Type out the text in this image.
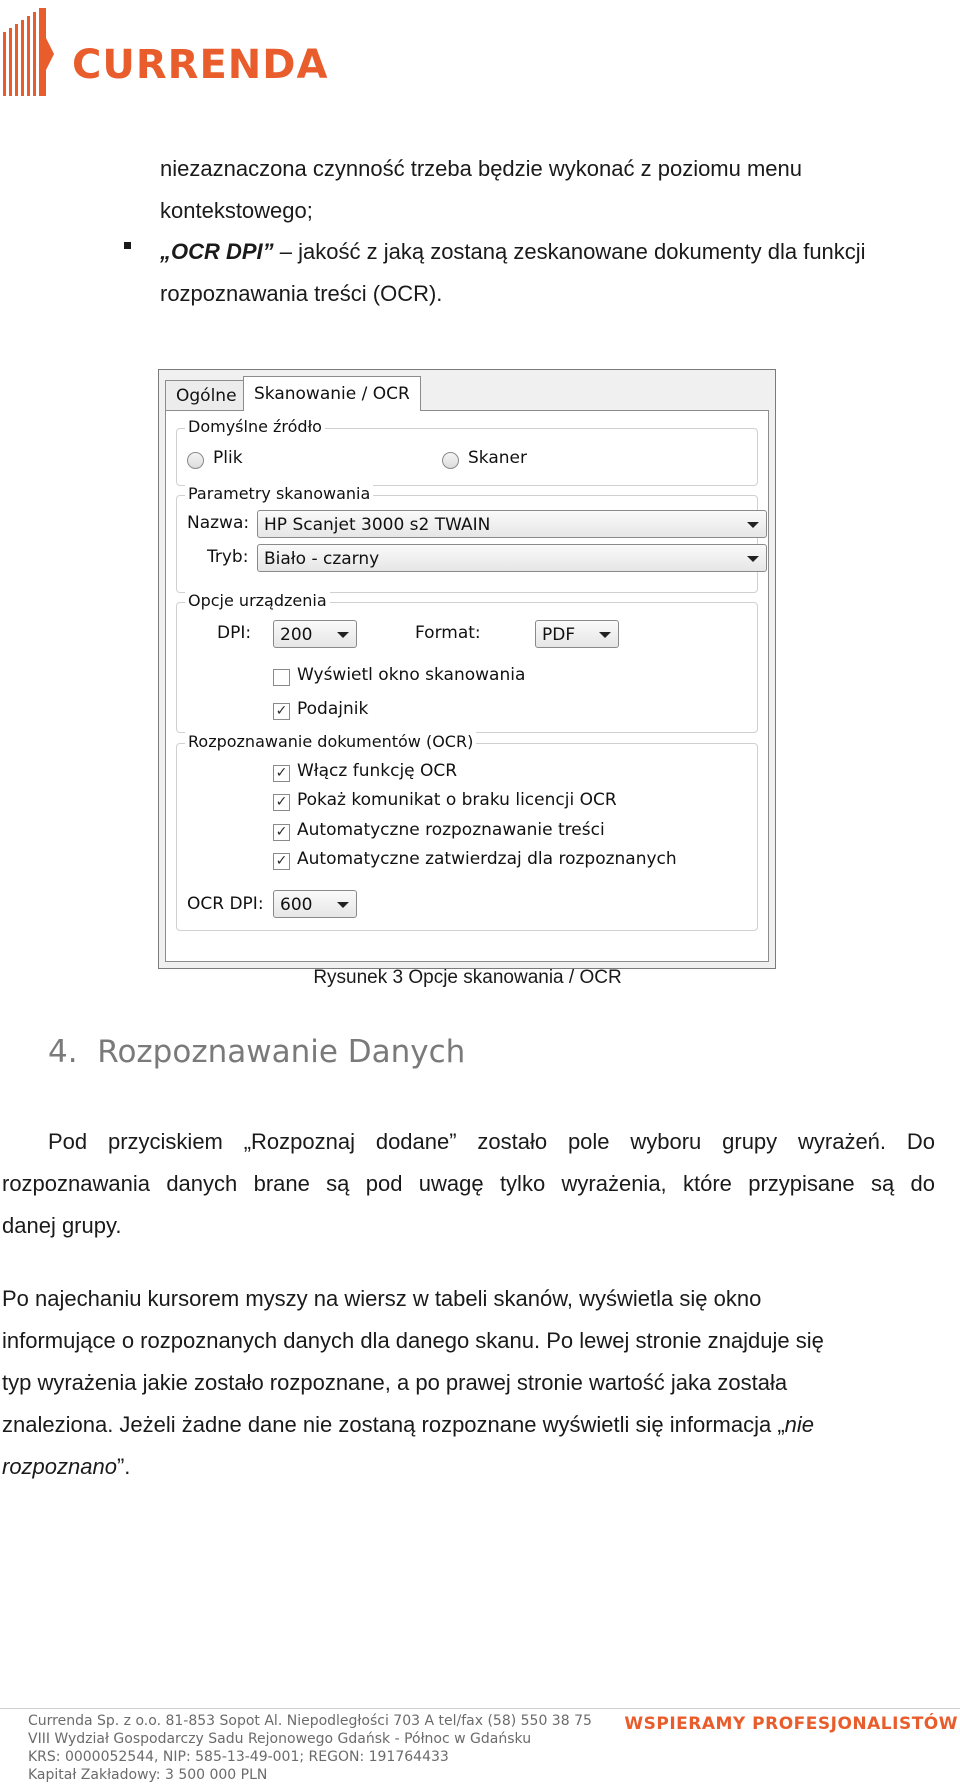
CURRENDA
niezaznaczona czynność trzeba będzie wykonać z poziomu menu
kontekstowego;
„OCR DPI” – jakość z jaką zostaną zeskanowane dokumenty dla funkcji
rozpoznawania treści (OCR).
Ogólne	Skanowanie / OCR
Domyślne źródło
Plik	Skaner
Parametry skanowania
Nazwa: HP Scanjet 3000 s2 TWAIN
Tryb: Biało - czarny
Opcje urządzenia
DPI: 200	Format:	PDF
Wyświetl okno skanowania
✓ Podajnik
Rozpoznawanie dokumentów (OCR)
✓ Włącz funkcję OCR
✓ Pokaż komunikat o braku licencji OCR
✓ Automatyczne rozpoznawanie treści
✓ Automatyczne zatwierdzaj dla rozpoznanych
OCR DPI: 600
Rysunek 3 Opcje skanowania / OCR
4. Rozpoznawanie Danych
Pod przyciskiem „Rozpoznaj dodane” zostało pole wyboru grupy wyrażeń. Do
rozpoznawania danych brane są pod uwagę tylko wyrażenia, które przypisane są do
danej grupy.
Po najechaniu kursorem myszy na wiersz w tabeli skanów, wyświetla się okno
informujące o rozpoznanych danych dla danego skanu. Po lewej stronie znajduje się
typ wyrażenia jakie zostało rozpoznane, a po prawej stronie wartość jaka została
znaleziona. Jeżeli żadne dane nie zostaną rozpoznane wyświetli się informacja „nie
rozpoznano”.
Currenda Sp. z o.o. 81-853 Sopot Al. Niepodległości 703 A tel/fax (58) 550 38 75
VIII Wydział Gospodarczy Sadu Rejonowego Gdańsk - Północ w Gdańsku
KRS: 0000052544, NIP: 585-13-49-001; REGON: 191764433
Kapitał Zakładowy: 3 500 000 PLN
WSPIERAMY PROFESJONALISTÓW
